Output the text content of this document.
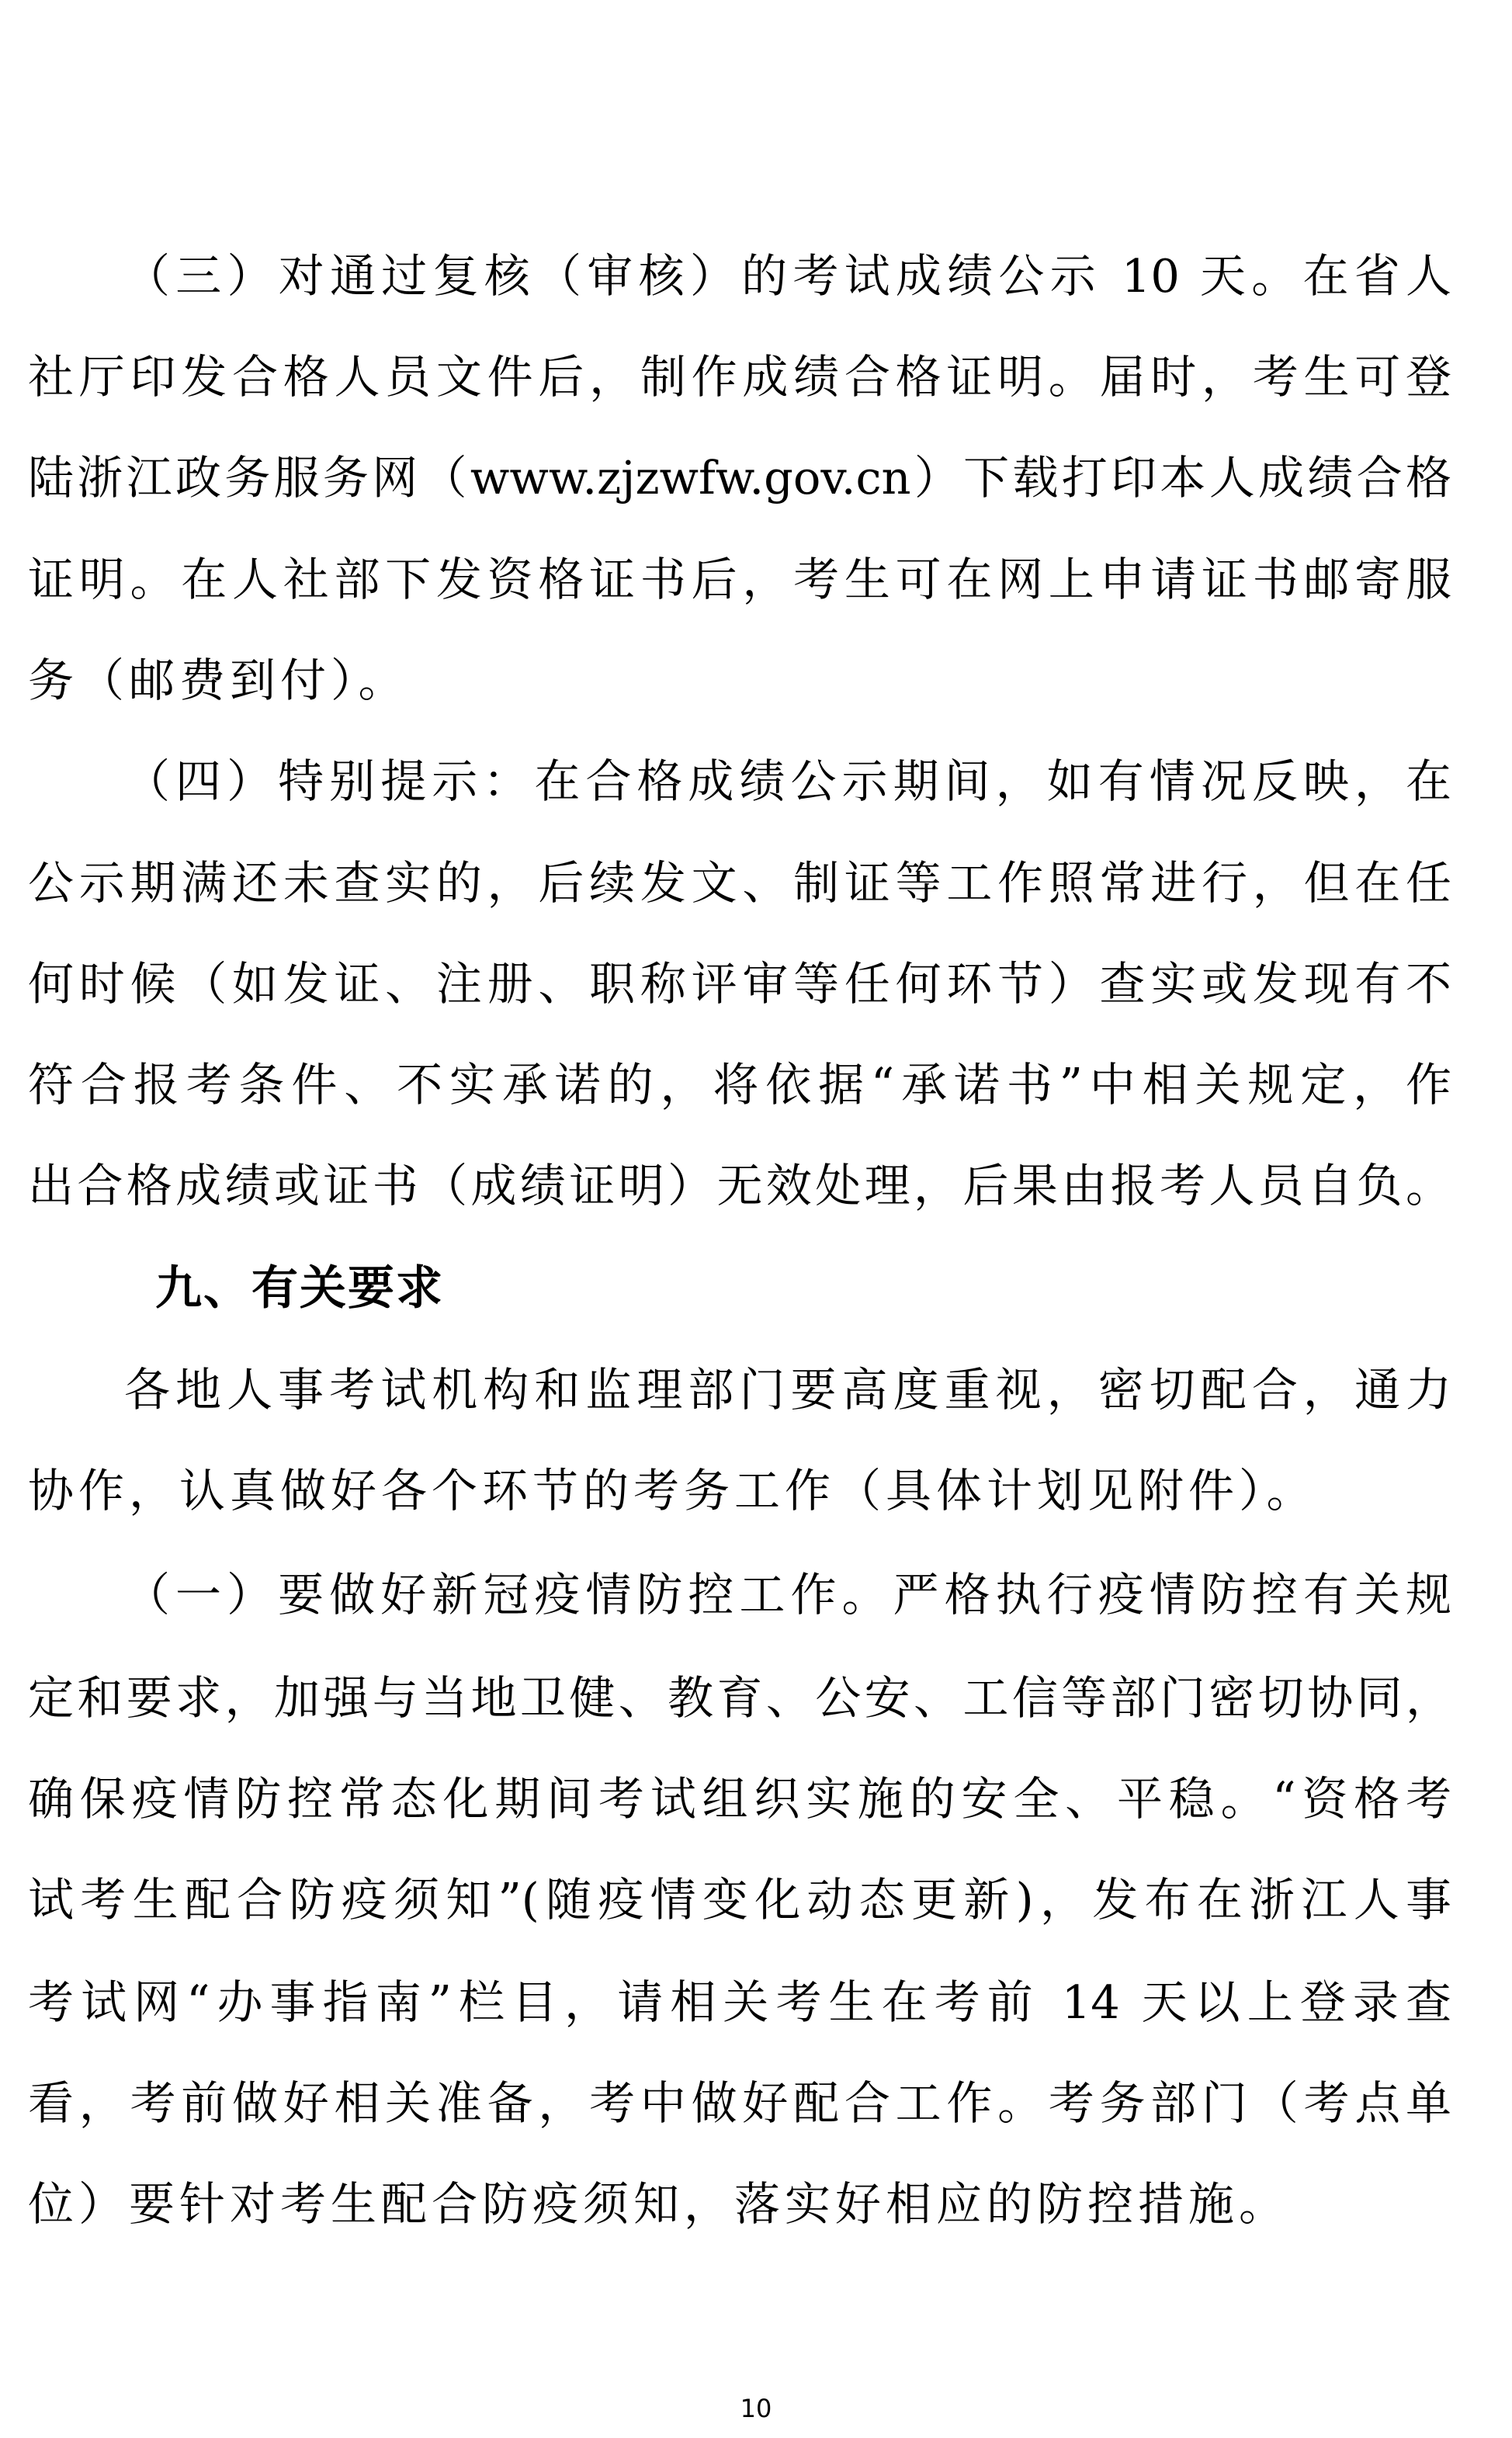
（三）对通过复核（审核）的考试成绩公示 10 天。在省人
社厅印发合格人员文件后，制作成绩合格证明。届时，考生可登
陆浙江政务服务网（www.zjzwfw.gov.cn）下载打印本人成绩合格
证明。在人社部下发资格证书后，考生可在网上申请证书邮寄服
务（邮费到付）。
（四）特别提示：在合格成绩公示期间，如有情况反映，在
公示期满还未查实的，后续发文、制证等工作照常进行，但在任
何时候（如发证、注册、职称评审等任何环节）查实或发现有不
符合报考条件、不实承诺的，将依据“承诺书”中相关规定，作
出合格成绩或证书（成绩证明）无效处理，后果由报考人员自负。
九、有关要求
各地人事考试机构和监理部门要高度重视，密切配合，通力
协作，认真做好各个环节的考务工作（具体计划见附件）。
（一）要做好新冠疫情防控工作。严格执行疫情防控有关规
定和要求，加强与当地卫健、教育、公安、工信等部门密切协同，
确保疫情防控常态化期间考试组织实施的安全、平稳。“资格考
试考生配合防疫须知”(随疫情变化动态更新)，发布在浙江人事
考试网“办事指南”栏目，请相关考生在考前 14 天以上登录查
看，考前做好相关准备，考中做好配合工作。考务部门（考点单
位）要针对考生配合防疫须知，落实好相应的防控措施。
10
